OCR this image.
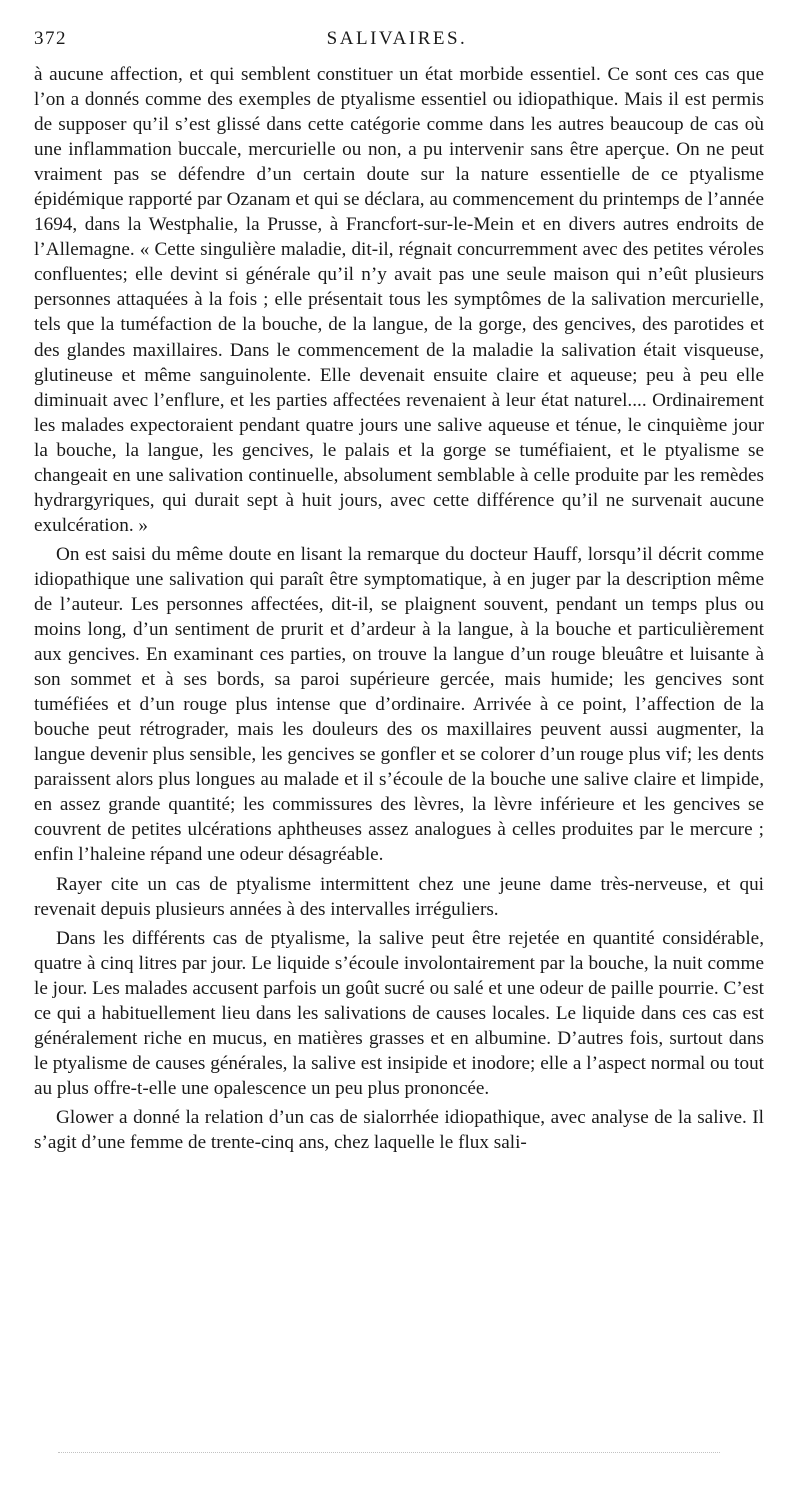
372	SALIVAIRES.

à aucune affection, et qui semblent constituer un état morbide essentiel. Ce sont ces cas que l’on a donnés comme des exemples de ptyalisme essentiel ou idiopathique. Mais il est permis de supposer qu’il s’est glissé dans cette catégorie comme dans les autres beaucoup de cas où une inflammation buccale, mercurielle ou non, a pu intervenir sans être aperçue. On ne peut vraiment pas se défendre d’un certain doute sur la nature essentielle de ce ptyalisme épidémique rapporté par Ozanam et qui se déclara, au commencement du printemps de l’année 1694, dans la Westphalie, la Prusse, à Francfort-sur-le-Mein et en divers autres endroits de l’Allemagne. « Cette singulière maladie, dit-il, régnait concurremment avec des petites véroles confluentes; elle devint si générale qu’il n’y avait pas une seule maison qui n’eût plusieurs personnes attaquées à la fois ; elle présentait tous les symptômes de la salivation mercurielle, tels que la tuméfaction de la bouche, de la langue, de la gorge, des gencives, des parotides et des glandes maxillaires. Dans le commencement de la maladie la salivation était visqueuse, glutineuse et même sanguinolente. Elle devenait ensuite claire et aqueuse; peu à peu elle diminuait avec l’enflure, et les parties affectées revenaient à leur état naturel.... Ordinairement les malades expectoraient pendant quatre jours une salive aqueuse et ténue, le cinquième jour la bouche, la langue, les gencives, le palais et la gorge se tuméfiaient, et le ptyalisme se changeait en une salivation continuelle, absolument semblable à celle produite par les remèdes hydrargyriques, qui durait sept à huit jours, avec cette différence qu’il ne survenait aucune exulcération. »

On est saisi du même doute en lisant la remarque du docteur Hauff, lorsqu’il décrit comme idiopathique une salivation qui paraît être symptomatique, à en juger par la description même de l’auteur. Les personnes affectées, dit-il, se plaignent souvent, pendant un temps plus ou moins long, d’un sentiment de prurit et d’ardeur à la langue, à la bouche et particulièrement aux gencives. En examinant ces parties, on trouve la langue d’un rouge bleuâtre et luisante à son sommet et à ses bords, sa paroi supérieure gercée, mais humide; les gencives sont tuméfiées et d’un rouge plus intense que d’ordinaire. Arrivée à ce point, l’affection de la bouche peut rétrograder, mais les douleurs des os maxillaires peuvent aussi augmenter, la langue devenir plus sensible, les gencives se gonfler et se colorer d’un rouge plus vif; les dents paraissent alors plus longues au malade et il s’écoule de la bouche une salive claire et limpide, en assez grande quantité; les commissures des lèvres, la lèvre inférieure et les gencives se couvrent de petites ulcérations aphtheuses assez analogues à celles produites par le mercure ; enfin l’haleine répand une odeur désagréable.

Rayer cite un cas de ptyalisme intermittent chez une jeune dame très-nerveuse, et qui revenait depuis plusieurs années à des intervalles irréguliers.

Dans les différents cas de ptyalisme, la salive peut être rejetée en quantité considérable, quatre à cinq litres par jour. Le liquide s’écoule involontairement par la bouche, la nuit comme le jour. Les malades accusent parfois un goût sucré ou salé et une odeur de paille pourrie. C’est ce qui a habituellement lieu dans les salivations de causes locales. Le liquide dans ces cas est généralement riche en mucus, en matières grasses et en albumine. D’autres fois, surtout dans le ptyalisme de causes générales, la salive est insipide et inodore; elle a l’aspect normal ou tout au plus offre-t-elle une opalescence un peu plus prononcée.

Glower a donné la relation d’un cas de sialorrhée idiopathique, avec analyse de la salive. Il s’agit d’une femme de trente-cinq ans, chez laquelle le flux sali-
